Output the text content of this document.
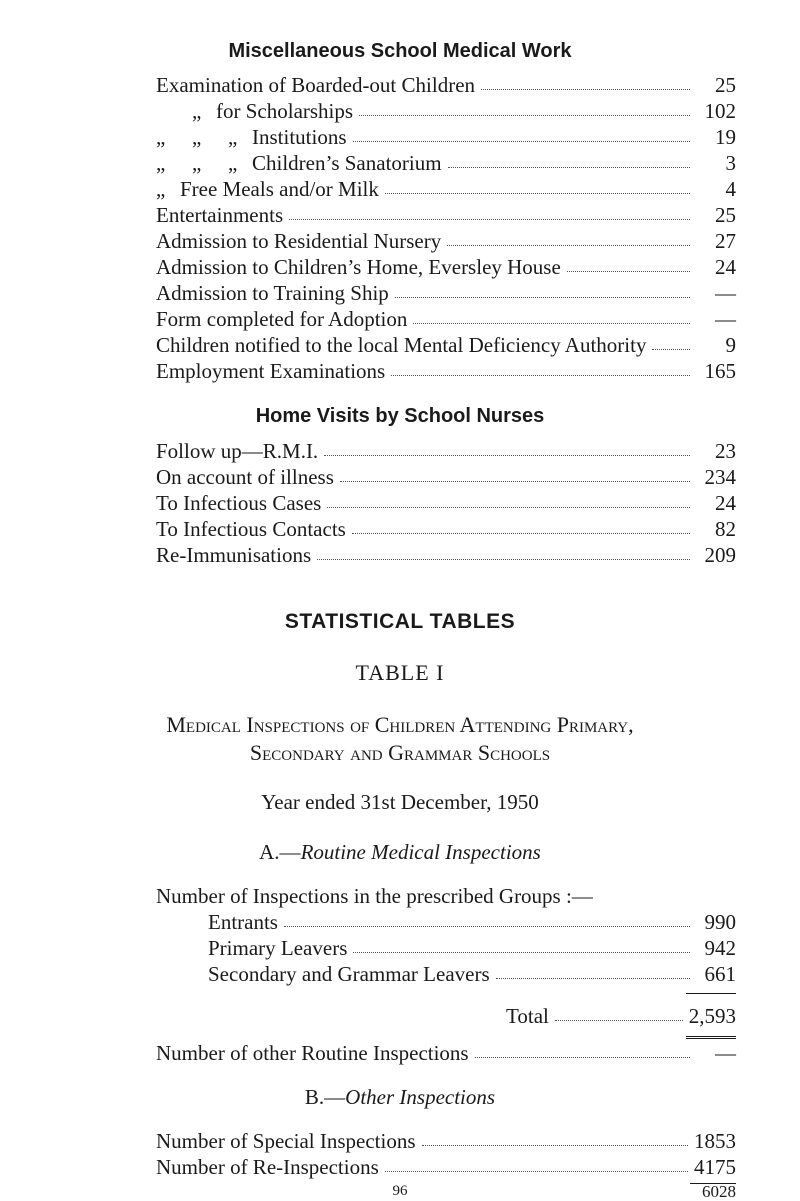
Miscellaneous School Medical Work
Examination of Boarded-out Children	25
„ for Scholarships	102
„ „ „ Institutions	19
„ „ „ Children’s Sanatorium	3
„ Free Meals and/or Milk	4
Entertainments	25
Admission to Residential Nursery	27
Admission to Children’s Home, Eversley House	24
Admission to Training Ship	—
Form completed for Adoption	—
Children notified to the local Mental Deficiency Authority	9
Employment Examinations	165
Home Visits by School Nurses
Follow up—R.M.I.	23
On account of illness	234
To Infectious Cases	24
To Infectious Contacts	82
Re-Immunisations	209
STATISTICAL TABLES
TABLE I
Medical Inspections of Children Attending Primary,
Secondary and Grammar Schools
Year ended 31st December, 1950
A.—Routine Medical Inspections
Number of Inspections in the prescribed Groups :—
Entrants	990
Primary Leavers	942
Secondary and Grammar Leavers	661
Total	2,593
Number of other Routine Inspections	—
B.—Other Inspections
Number of Special Inspections	1853
Number of Re-Inspections	4175
6028
96
